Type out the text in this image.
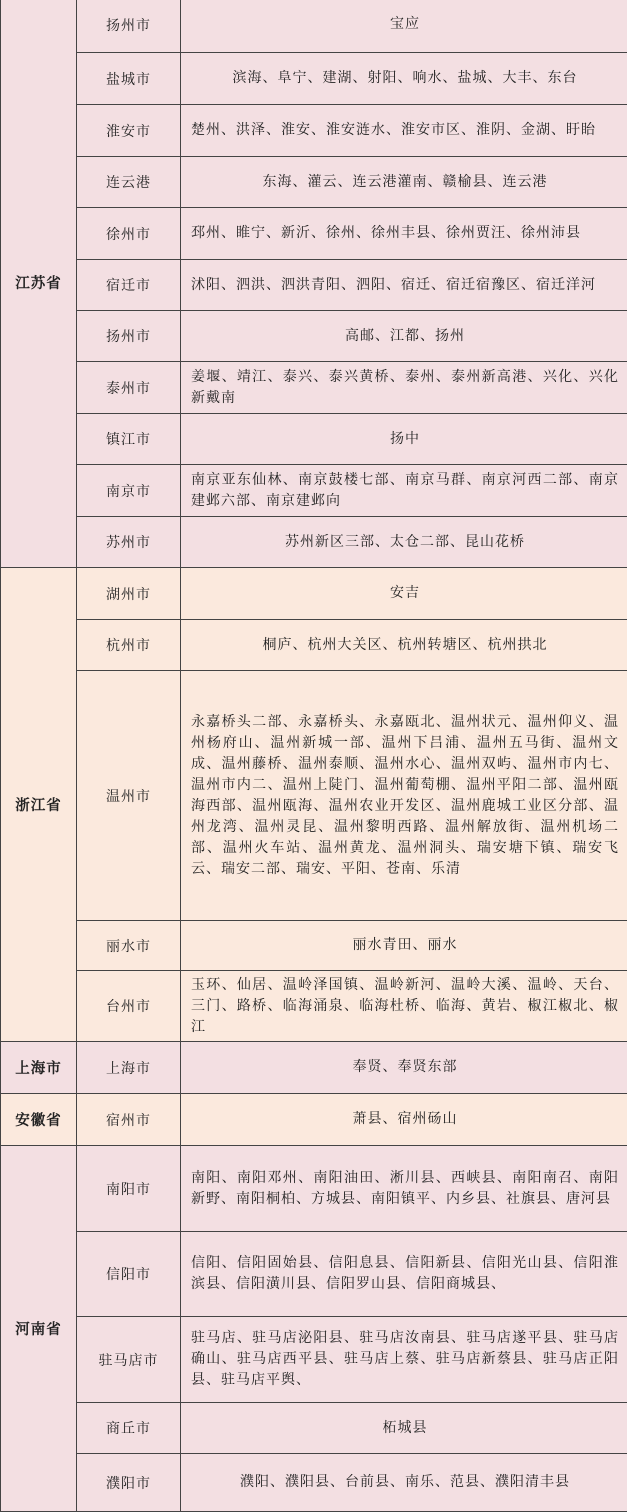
江苏省	扬州市	宝应
	盐城市	滨海、阜宁、建湖、射阳、响水、盐城、大丰、东台
	淮安市	楚州、洪泽、淮安、淮安涟水、淮安市区、淮阴、金湖、盱眙
	连云港	东海、灌云、连云港灌南、赣榆县、连云港
	徐州市	邳州、睢宁、新沂、徐州、徐州丰县、徐州贾汪、徐州沛县
	宿迁市	沭阳、泗洪、泗洪青阳、泗阳、宿迁、宿迁宿豫区、宿迁洋河
	扬州市	高邮、江都、扬州
	泰州市	姜堰、靖江、泰兴、泰兴黄桥、泰州、泰州新高港、兴化、兴化新戴南
	镇江市	扬中
	南京市	南京亚东仙林、南京鼓楼七部、南京马群、南京河西二部、南京建邺六部、南京建邺向
	苏州市	苏州新区三部、太仓二部、昆山花桥
浙江省	湖州市	安吉
	杭州市	桐庐、杭州大关区、杭州转塘区、杭州拱北
	温州市	永嘉桥头二部、永嘉桥头、永嘉瓯北、温州状元、温州仰义、温州杨府山、温州新城一部、温州下吕浦、温州五马街、温州文成、温州藤桥、温州泰顺、温州水心、温州双屿、温州市内七、温州市内二、温州上陡门、温州葡萄棚、温州平阳二部、温州瓯海西部、温州瓯海、温州农业开发区、温州鹿城工业区分部、温州龙湾、温州灵昆、温州黎明西路、温州解放街、温州机场二部、温州火车站、温州黄龙、温州洞头、瑞安塘下镇、瑞安飞云、瑞安二部、瑞安、平阳、苍南、乐清
	丽水市	丽水青田、丽水
	台州市	玉环、仙居、温岭泽国镇、温岭新河、温岭大溪、温岭、天台、三门、路桥、临海涌泉、临海杜桥、临海、黄岩、椒江椒北、椒江
上海市	上海市	奉贤、奉贤东部
安徽省	宿州市	萧县、宿州砀山
河南省	南阳市	南阳、南阳邓州、南阳油田、淅川县、西峡县、南阳南召、南阳新野、南阳桐柏、方城县、南阳镇平、内乡县、社旗县、唐河县
	信阳市	信阳、信阳固始县、信阳息县、信阳新县、信阳光山县、信阳淮滨县、信阳潢川县、信阳罗山县、信阳商城县、
	驻马店市	驻马店、驻马店泌阳县、驻马店汝南县、驻马店遂平县、驻马店确山、驻马店西平县、驻马店上蔡、驻马店新蔡县、驻马店正阳县、驻马店平舆、
	商丘市	柘城县
	濮阳市	濮阳、濮阳县、台前县、南乐、范县、濮阳清丰县
